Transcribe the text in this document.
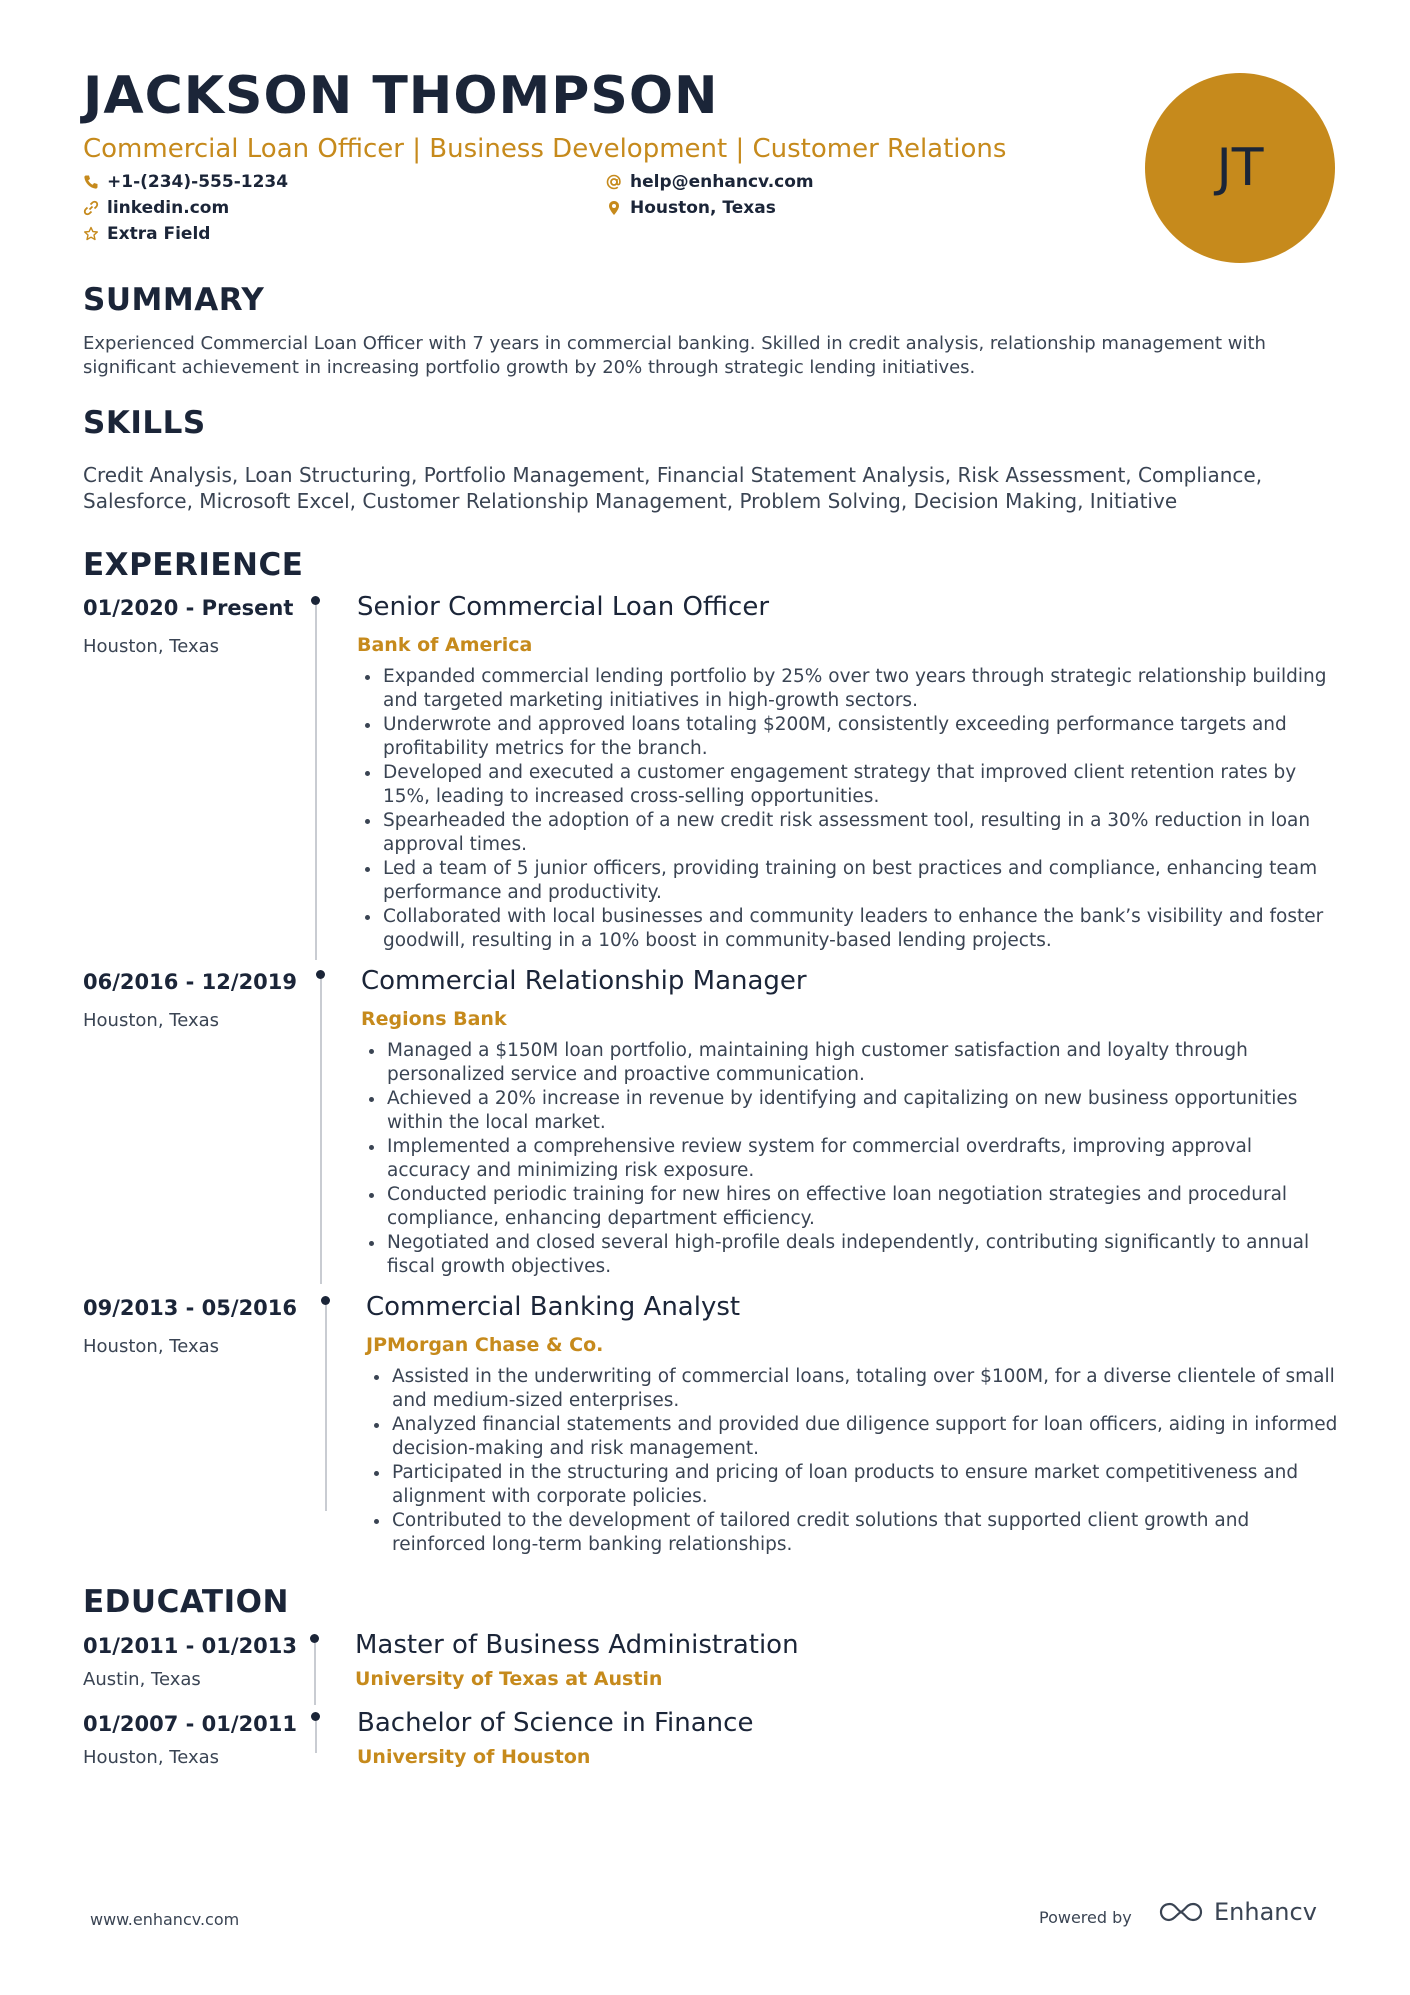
JACKSON THOMPSON
Commercial Loan Officer | Business Development | Customer Relations
+1-(234)-555-1234	help@enhancv.com
linkedin.com	Houston, Texas
Extra Field
JT
SUMMARY
Experienced Commercial Loan Officer with 7 years in commercial banking. Skilled in credit analysis, relationship management with significant achievement in increasing portfolio growth by 20% through strategic lending initiatives.
SKILLS
Credit Analysis, Loan Structuring, Portfolio Management, Financial Statement Analysis, Risk Assessment, Compliance, Salesforce, Microsoft Excel, Customer Relationship Management, Problem Solving, Decision Making, Initiative
EXPERIENCE
01/2020 - Present
Houston, Texas
Senior Commercial Loan Officer
Bank of America
Expanded commercial lending portfolio by 25% over two years through strategic relationship building and targeted marketing initiatives in high-growth sectors.
Underwrote and approved loans totaling $200M, consistently exceeding performance targets and profitability metrics for the branch.
Developed and executed a customer engagement strategy that improved client retention rates by 15%, leading to increased cross-selling opportunities.
Spearheaded the adoption of a new credit risk assessment tool, resulting in a 30% reduction in loan approval times.
Led a team of 5 junior officers, providing training on best practices and compliance, enhancing team performance and productivity.
Collaborated with local businesses and community leaders to enhance the bank’s visibility and foster goodwill, resulting in a 10% boost in community-based lending projects.
06/2016 - 12/2019
Houston, Texas
Commercial Relationship Manager
Regions Bank
Managed a $150M loan portfolio, maintaining high customer satisfaction and loyalty through personalized service and proactive communication.
Achieved a 20% increase in revenue by identifying and capitalizing on new business opportunities within the local market.
Implemented a comprehensive review system for commercial overdrafts, improving approval accuracy and minimizing risk exposure.
Conducted periodic training for new hires on effective loan negotiation strategies and procedural compliance, enhancing department efficiency.
Negotiated and closed several high-profile deals independently, contributing significantly to annual fiscal growth objectives.
09/2013 - 05/2016
Houston, Texas
Commercial Banking Analyst
JPMorgan Chase & Co.
Assisted in the underwriting of commercial loans, totaling over $100M, for a diverse clientele of small and medium-sized enterprises.
Analyzed financial statements and provided due diligence support for loan officers, aiding in informed decision-making and risk management.
Participated in the structuring and pricing of loan products to ensure market competitiveness and alignment with corporate policies.
Contributed to the development of tailored credit solutions that supported client growth and reinforced long-term banking relationships.
EDUCATION
01/2011 - 01/2013
Austin, Texas
Master of Business Administration
University of Texas at Austin
01/2007 - 01/2011
Houston, Texas
Bachelor of Science in Finance
University of Houston
www.enhancv.com	Powered by	Enhancv
